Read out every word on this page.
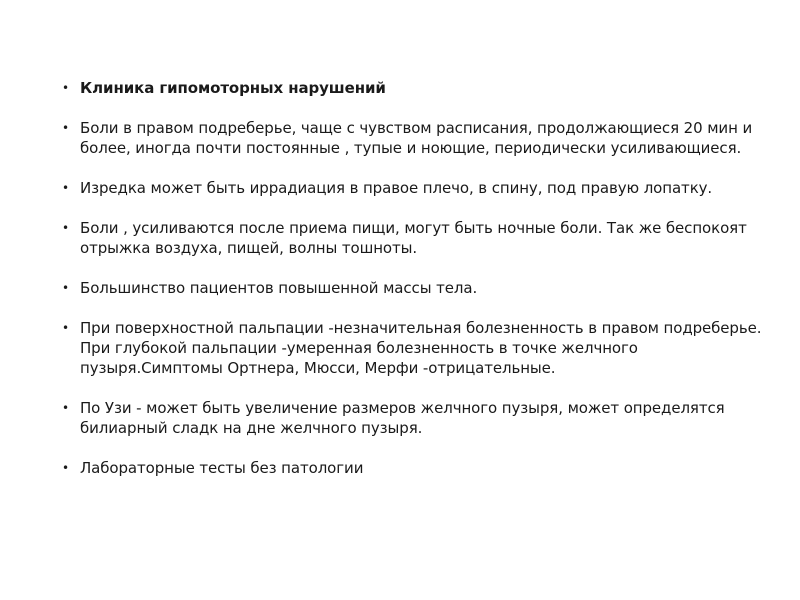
• Клиника гипомоторных нарушений
• Боли в правом подреберье, чаще с чувством расписания, продолжающиеся 20 мин и более, иногда почти постоянные , тупые и ноющие, периодически усиливающиеся.
• Изредка может быть иррадиация в правое плечо, в спину, под правую лопатку.
• Боли , усиливаются после приема пищи, могут быть ночные боли. Так же беспокоят отрыжка воздуха, пищей, волны тошноты.
• Большинство пациентов повышенной массы тела.
• При поверхностной пальпации -незначительная болезненность в правом подреберье. При глубокой пальпации -умеренная болезненность в точке желчного пузыря.Симптомы Ортнера, Мюсси, Мерфи -отрицательные.
• По Узи - может быть увеличение размеров желчного пузыря, может определятся билиарный сладк на дне желчного пузыря.
• Лабораторные тесты без патологии
